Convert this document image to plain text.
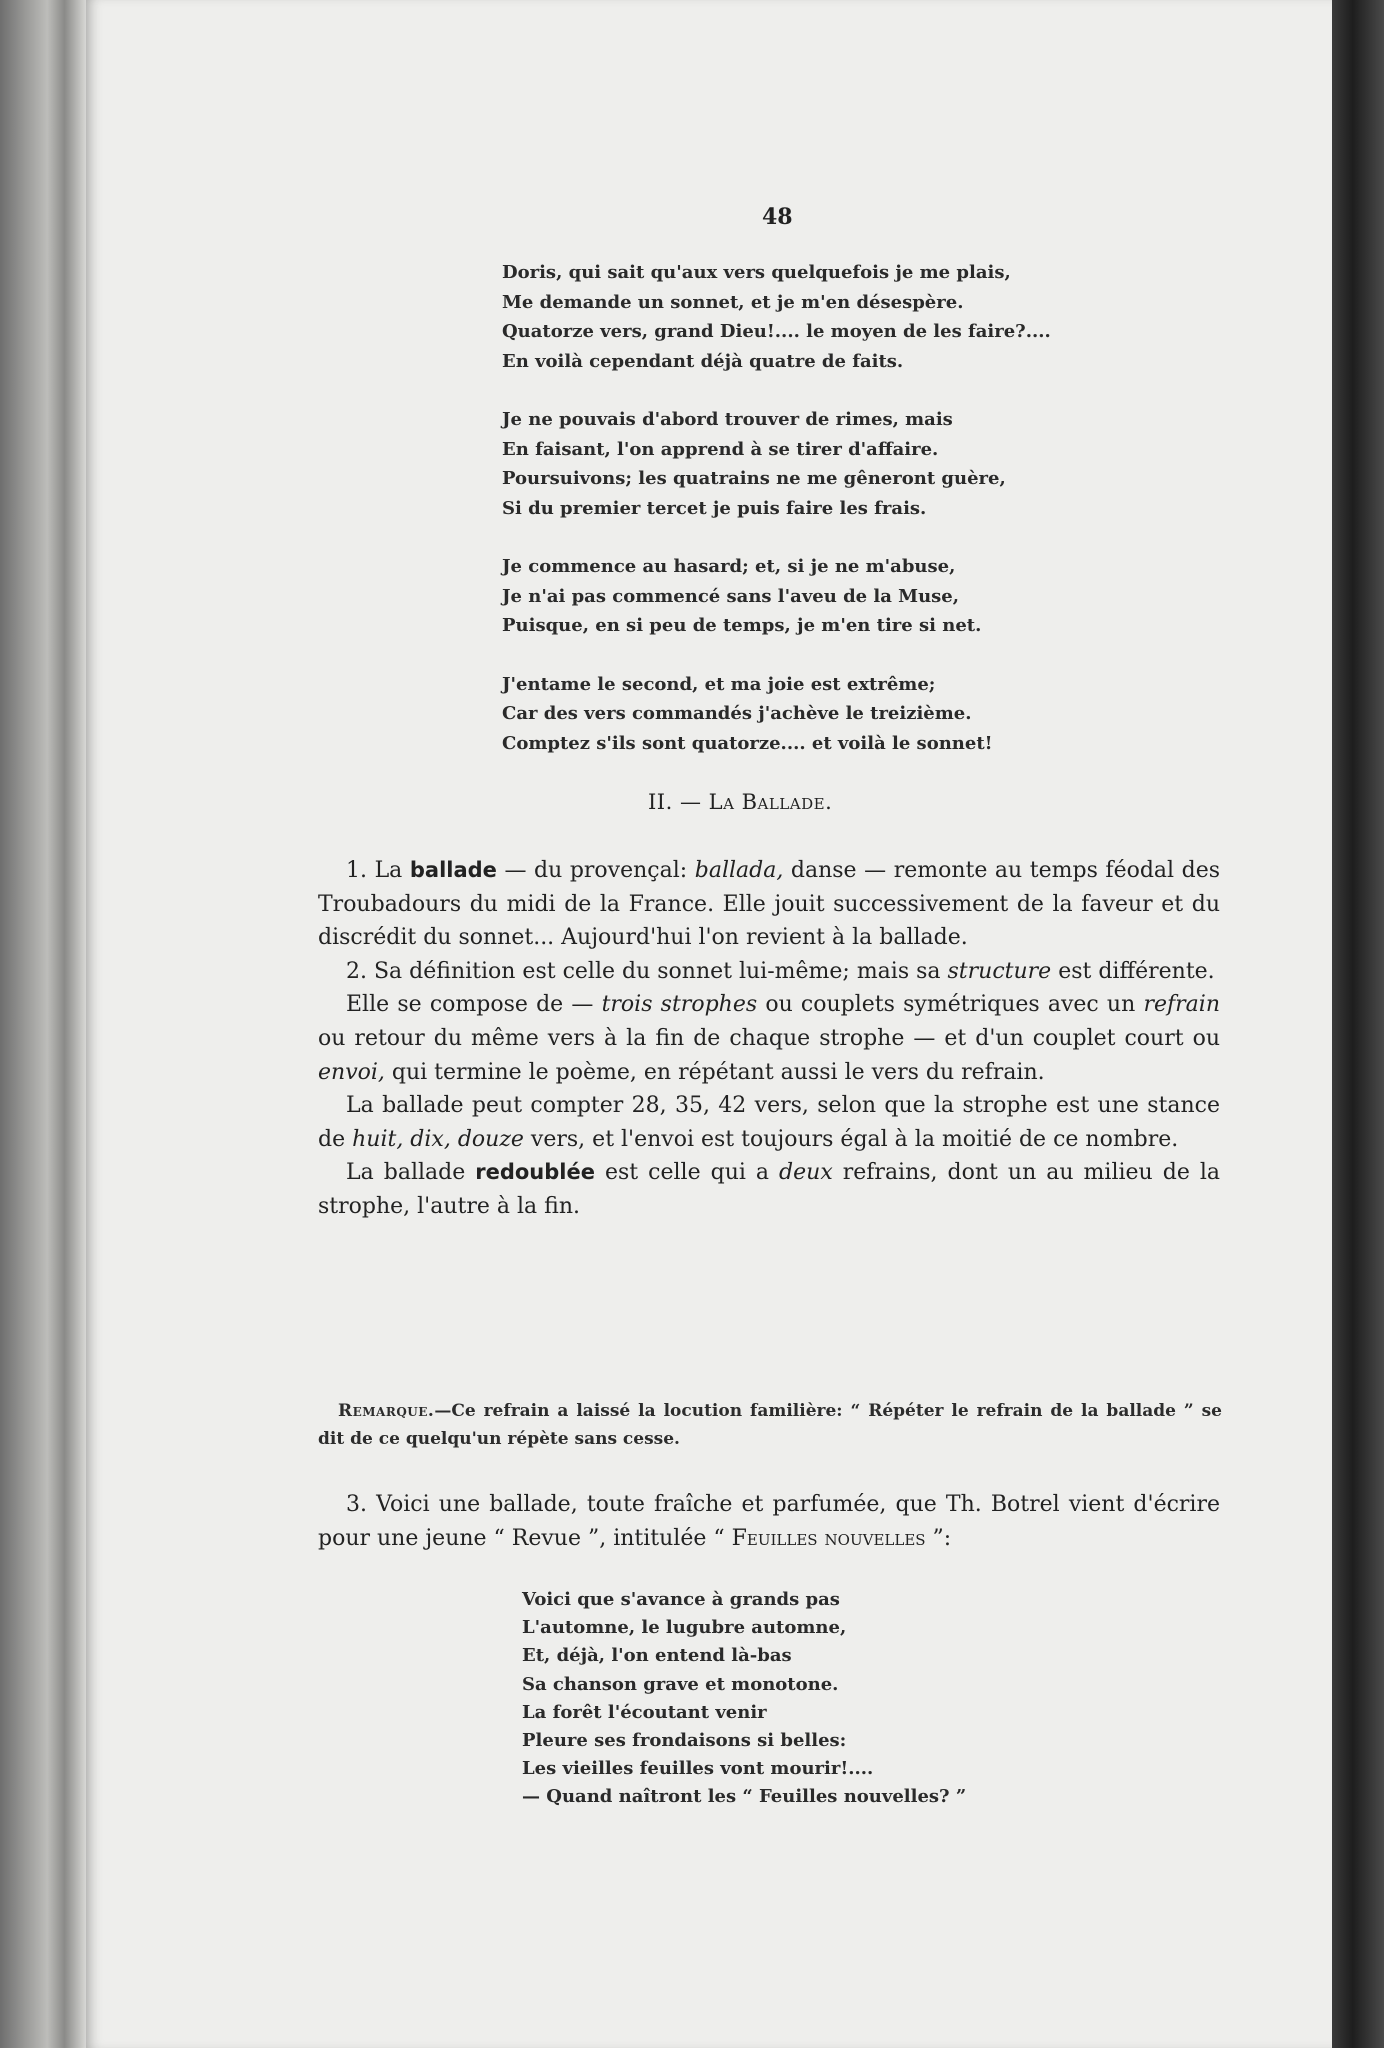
48
Doris, qui sait qu'aux vers quelquefois je me plais,
Me demande un sonnet, et je m'en désespère.
Quatorze vers, grand Dieu!.... le moyen de les faire?....
En voilà cependant déjà quatre de faits.
Je ne pouvais d'abord trouver de rimes, mais
En faisant, l'on apprend à se tirer d'affaire.
Poursuivons; les quatrains ne me gêneront guère,
Si du premier tercet je puis faire les frais.
Je commence au hasard; et, si je ne m'abuse,
Je n'ai pas commencé sans l'aveu de la Muse,
Puisque, en si peu de temps, je m'en tire si net.
J'entame le second, et ma joie est extrême;
Car des vers commandés j'achève le treizième.
Comptez s'ils sont quatorze.... et voilà le sonnet!
II. — La Ballade.

1. La ballade — du provençal: ballada, danse — remonte au temps féodal des Troubadours du midi de la France. Elle jouit successivement de la faveur et du discrédit du sonnet... Aujourd'hui l'on revient à la ballade.

2. Sa définition est celle du sonnet lui-même; mais sa structure est différente.

Elle se compose de — trois strophes ou couplets symétriques avec un refrain ou retour du même vers à la fin de chaque strophe — et d'un couplet court ou envoi, qui termine le poème, en répétant aussi le vers du refrain.

La ballade peut compter 28, 35, 42 vers, selon que la strophe est une stance de huit, dix, douze vers, et l'envoi est toujours égal à la moitié de ce nombre.

La ballade redoublée est celle qui a deux refrains, dont un au milieu de la strophe, l'autre à la fin.

Remarque.—Ce refrain a laissé la locution familière: “ Répéter le refrain de la ballade ” se dit de ce quelqu'un répète sans cesse.
3. Voici une ballade, toute fraîche et parfumée, que Th. Botrel vient d'écrire pour une jeune “ Revue ”, intitulée “ Feuilles nouvelles ”:
Voici que s'avance à grands pas
L'automne, le lugubre automne,
Et, déjà, l'on entend là-bas
Sa chanson grave et monotone.
La forêt l'écoutant venir
Pleure ses frondaisons si belles:
Les vieilles feuilles vont mourir!....
— Quand naîtront les “ Feuilles nouvelles? ”
